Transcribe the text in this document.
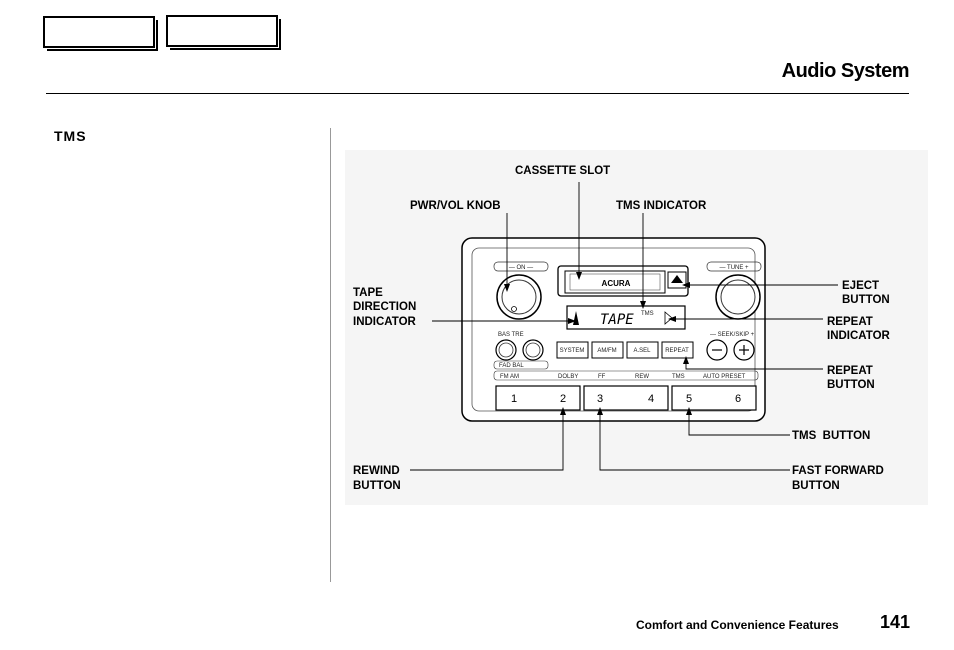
Audio System
TMS
— ON —	— TUNE +
ACURA
TAPE TMS
BAS TRE
FAD BAL
SYSTEM AM/FM	A.SEL REPEAT
— SEEK/SKIP +
FM AM	DOLBY	FF	REW	TMS	AUTO PRESET
1	2	3	4	5	6
CASSETTE SLOT
PWR/VOL KNOB	TMS INDICATOR
TAPE
DIRECTION
INDICATOR
EJECT
BUTTON
REPEAT
INDICATOR
REPEAT
BUTTON
TMS  BUTTON
REWIND
BUTTON
FAST FORWARD
BUTTON
Comfort and Convenience Features 141
